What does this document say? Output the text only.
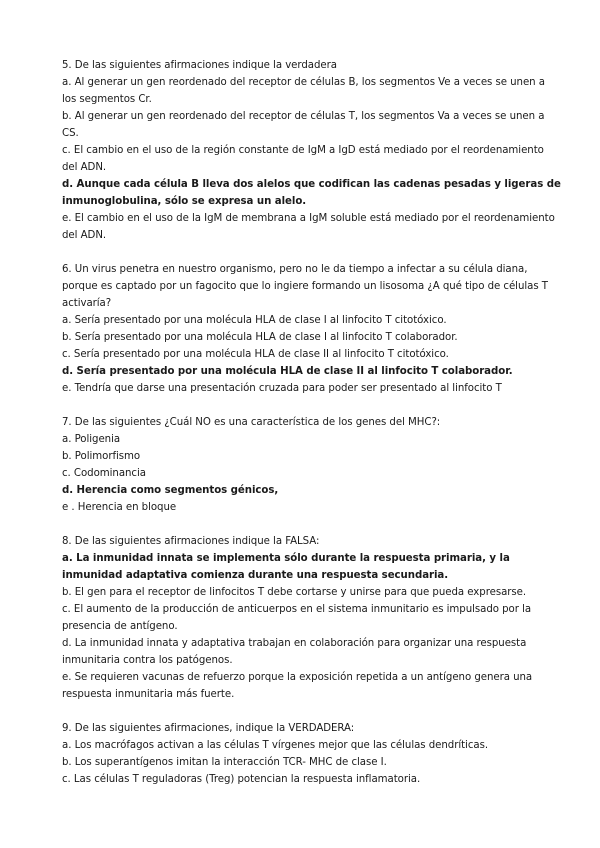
5. De las siguientes afirmaciones indique la verdadera

a. Al generar un gen reordenado del receptor de células B, los segmentos Ve a veces se unen a los segmentos Cr.

b. Al generar un gen reordenado del receptor de células T, los segmentos Va a veces se unen a CS.

c. El cambio en el uso de la región constante de IgM a IgD está mediado por el reordenamiento del ADN.

d. Aunque cada célula B lleva dos alelos que codifican las cadenas pesadas y ligeras de inmunoglobulina, sólo se expresa un alelo.

e. El cambio en el uso de la IgM de membrana a IgM soluble está mediado por el reordenamiento del ADN.

6. Un virus penetra en nuestro organismo, pero no le da tiempo a infectar a su célula diana, porque es captado por un fagocito que lo ingiere formando un lisosoma ¿A qué tipo de células T activaría?

a. Sería presentado por una molécula HLA de clase I al linfocito T citotóxico.

b. Sería presentado por una molécula HLA de clase I al linfocito T colaborador.

c. Sería presentado por una molécula HLA de clase II al linfocito T citotóxico.

d. Sería presentado por una molécula HLA de clase II al linfocito T colaborador.

e. Tendría que darse una presentación cruzada para poder ser presentado al linfocito T

7. De las siguientes ¿Cuál NO es una característica de los genes del MHC?:

a. Poligenia

b. Polimorfismo

c. Codominancia

d. Herencia como segmentos génicos,

e . Herencia en bloque

8. De las siguientes afirmaciones indique la FALSA:

a. La inmunidad innata se implementa sólo durante la respuesta primaria, y la inmunidad adaptativa comienza durante una respuesta secundaria.

b. El gen para el receptor de linfocitos T debe cortarse y unirse para que pueda expresarse.

c. El aumento de la producción de anticuerpos en el sistema inmunitario es impulsado por la presencia de antígeno.

d. La inmunidad innata y adaptativa trabajan en colaboración para organizar una respuesta inmunitaria contra los patógenos.

e. Se requieren vacunas de refuerzo porque la exposición repetida a un antígeno genera una respuesta inmunitaria más fuerte.

9. De las siguientes afirmaciones, indique la VERDADERA:

a. Los macrófagos activan a las células T vírgenes mejor que las células dendríticas.

b. Los superantígenos imitan la interacción TCR- MHC de clase I.

c. Las células T reguladoras (Treg) potencian la respuesta inflamatoria.
